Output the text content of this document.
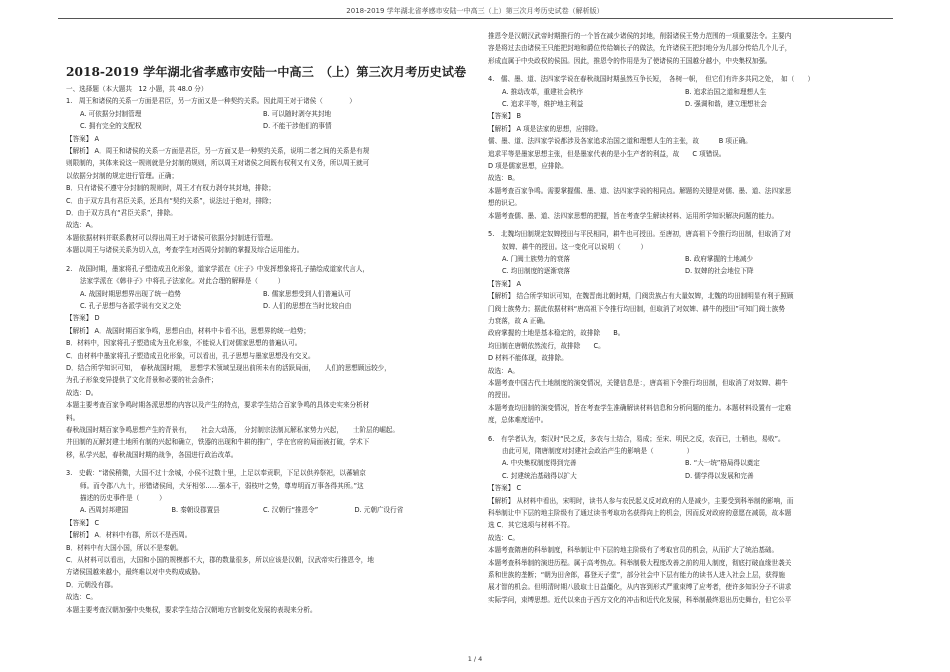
2018-2019 学年湖北省孝感市安陆一中高三（上）第三次月考历史试卷（解析版）
2018-2019 学年湖北省孝感市安陆一中高三　（上）第三次月考历史试卷
一、选择题（本大题共　12 小题，共 48.0 分）
1.　周王和诸侯的关系一方面是君臣，另一方面又是一种契约关系。因此周王对于诸侯（　　　　）
A. 可依据分封制管理	B. 可以随时剥夺其封地
C. 拥有完全的支配权	D. 不能干涉他们的事情
【答案】 A
【解析】 A．周王和诸侯的关系一方面是君臣，另一方面又是一种契约关系，说明二者之间的关系是有规
则限制的，其体来说这一规则就是分封制的规则，所以周王对诸侯之间既有权利又有义务，所以周王就可
以依据分封制的规定进行管理。正确；
B．只有诸侯不遵守分封制的规则时，周王才有权力剥夺其封地，排除；
C．由于双方具有君臣关系，还具有“契约关系”，说法过于绝对，排除；
D．由于双方具有“君臣关系”，排除。
故选：A。
本题依据材料并联系教材可以得出周王对于诸侯可依据分封制进行管理。
本题以周王与诸侯关系为切入点，考查学生对西周分封制的掌握及综合运用能力。
2.　战国时期，墨家将孔子塑造成丑化形象，道家学派在《庄子》中发挥想象将孔子描绘成道家代言人，
法家学派在《韩非子》中将孔子法家化。对此合理的解释是（　　　）
A. 战国时期思想界出现了统一趋势	B. 儒家思想受到人们普遍认可
C. 孔子思想与各派学说有交叉之处	D. 人们的思想在当时比较自由
【答案】 D
【解析】 A．战国时期百家争鸣，思想自由，材料中卡看不出，思想界的统一趋势；
B．材料中，因家将孔子塑造成为丑化形象，不能说人们对儒家思想的普遍认可。
C．由材料中墨家将孔子塑造成丑化形象，可以看出，孔子思想与墨家思想没有交叉。
D．结合所学知识可知，　春秋战国时期，　思想学术领域呈现出前所未有的活跃局面，　　人们的思想顾远较少，
为孔子形象变异提供了文化背景和必要的社会条件；
故选：D。
本题主要考查百家争鸣时期各派思想的内容以及产生的特点，要求学生结合百家争鸣的具体史实来分析材
料。
春秋战国时期百家争鸣思想产生的背景有，　　社会大动荡，　分封制宗法制瓦解私家势力兴起，　　士阶层的崛起。
井田制的瓦解封建土地所有制的兴起和确立，铁器的出现和牛耕的推广，学在官府的局面被打破，学术下
移，私学兴起，春秋战国时期的战争，各国进行政治改革。
3.　史载：“诸侯稍微，大国不过十余城，小侯不过数十里，上足以奉贡职，下足以供养祭祀，以蕃辅京
师。而令郡八九十，形错诸侯间，犬牙相邻……强本干，弱枝叶之势，尊卑明而万事各得其所。”这
描述的历史事件是（　　　）
A. 西周封邦建国	B. 秦朝设郡置县	C. 汉朝行“推恩令”	D. 元朝广设行省
【答案】 C
【解析】 A．材料中有郡，所以不是西周。
B．材料中有大国小国，所以不是秦朝。
C．从材料可以看出，大国和小国的规模都不大，郡的数量很多，所以应该是汉朝，汉武帝实行推恩令，地
方诸侯国越来越小，最终难以对中央构成威胁。
D．元朝没有郡。
故选：C。
本题主要考查汉朝加强中央集权，要求学生结合汉朝地方官制变化发展的表现来分析。
推恩令是汉朝汉武帝时期推行的一个旨在减少诸侯的封地，削弱诸侯王势力范围的一项重要法令。主要内
容是将过去由诸侯王只能把封地和爵位传给嫡长子的做法，允许诸侯王把封地分为几部分传给几个儿子，
形成直属于中央政权的侯国。因此，推恩令的作用是为了使诸侯的王国越分越小，中央集权加强。
4.　儒、墨、道、法四家学说在春秋战国时期虽然互争长短，　各树一帜，　但它们有许多共同之处，　如（　　）
A. 推动改革，重建社会秩序	B. 追求治国之道和理想人生
C. 追求平等，维护地主利益	D. 强调和谐，建立理想社会
【答案】 B
【解析】 A 项是法家的思想，应排除。
儒、墨、道、法四家学说都涉及各家追求治国之道和理想人生的主张，故　　　B 项正确。
追求平等是墨家思想主张，但是墨家代表的是小生产者的利益，故　　C 项错误。
D 项是儒家思想，应排除。
故选：B。
本题考查百家争鸣。需要掌握儒、墨、道、法四家学说的相同点。解题的关键是对儒、墨、道、法四家思
想的识记。
本题考查儒、墨、道、法四家思想的把握，旨在考查学生解读材料、运用所学知识解决问题的能力。
5.　北魏均田制规定奴婢授田与平民相同，耕牛也可授田。至唐初，唐高祖下令推行均田制，但取消了对
奴婢、耕牛的授田。这一变化可以说明（　　　）
A. 门阀士族势力的衰落	B. 政府掌握的土地减少
C. 均田制度的逐渐衰落	D. 奴婢的社会地位下降
【答案】 A
【解析】 结合所学知识可知，在魏晋南北朝时期，门阀贵族占有大量奴婢，北魏的均田制明显有利于照顾
门阀士族势力；据此依据材料“唐高祖下令推行均田制，但取消了对奴婢、耕牛的授田”可知门阀士族势
力衰落，故 A 正确。
政府掌握的土地是基本稳定的，故排除　　B。
均田制在唐朝依然流行，故排除　　C。
D 材料不能体现，故排除。
故选：A。
本题考查中国古代土地制度的演变情况，关键信息是：，唐高祖下令推行均田制，但取消了对奴婢、耕牛
的授田。
本题考查均田制的演变情况，旨在考查学生准确解读材料信息和分析问题的能力。本题材料设置有一定难
度，总体难度适中。
6.　有学者认为，秦汉时“民之反，多农与士结合，易成；至宋、明民之反，农而已，士稍也，易败”。
由此可见，隋唐制度对封建社会政治产生的影响是（　　　　　）
A. 中央集权制度得到完善	B. “大一统”格局得以奠定
C. 封建统治基础得以扩大	D. 儒学得以发展和完善
【答案】 C
【解析】 从材料中看出，宋明时，读书人参与农民起义反对政府的人是减少，主要受到科举制的影响，而
科举制让中下层的地主阶级有了通过读书考取功名获得向上的机会，因而反对政府的意愿在减弱，故本题
选 C．其它选项与材料不符。
故选：C。
本题考查隋唐的科举制度，科举制让中下层的地主阶级有了考取官员的机会，从而扩大了统治基础。
本题考查科举制的演进历程。属于高考热点。科举制极大程度改善之前的用人制度，彻底打破血缘世袭关
系和世族的垄断；“朝为田舍郎，暮登天子堂”，部分社会中下层有能力的读书人进入社会上层，获得施
展才智的机会。但明清时期八股取士日益僵化，从内容到形式严重束缚了应考者，使许多知识分子不讲求
实际学问，束缚思想。近代以来由于西方文化的冲击和近代化发展，科举制最终退出历史舞台，但它公平
1 / 4
